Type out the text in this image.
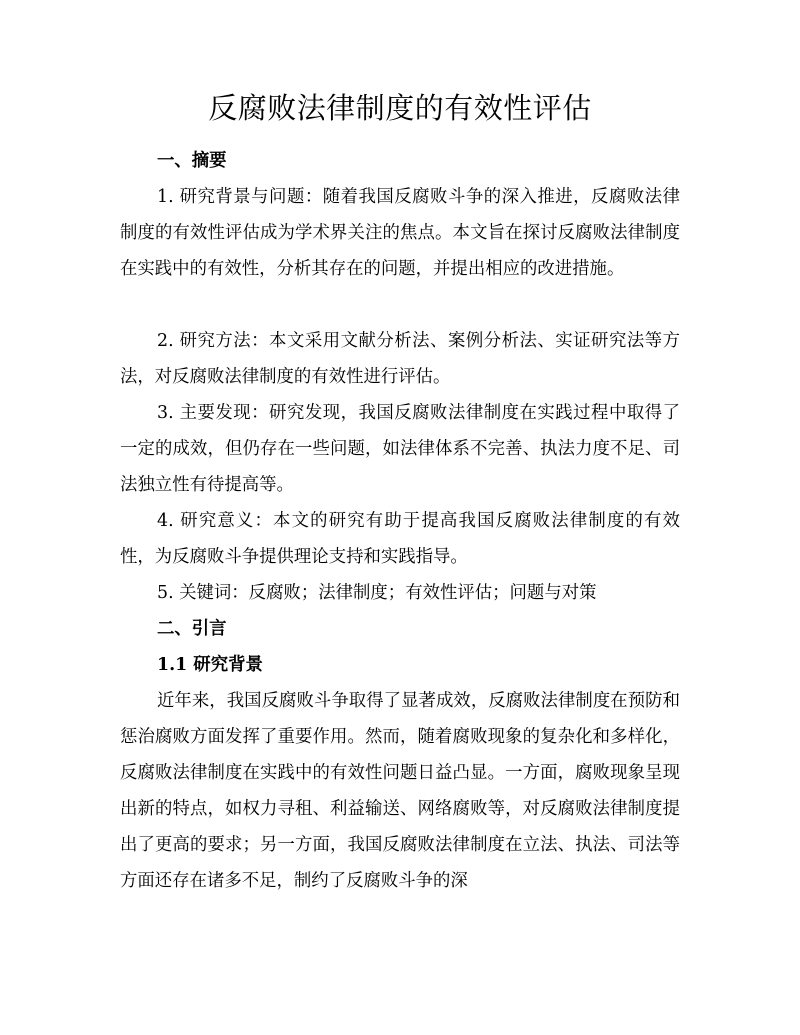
反腐败法律制度的有效性评估
一、摘要

1. 研究背景与问题：随着我国反腐败斗争的深入推进，反腐败法律制度的有效性评估成为学术界关注的焦点。本文旨在探讨反腐败法律制度在实践中的有效性，分析其存在的问题，并提出相应的改进措施。

2. 研究方法：本文采用文献分析法、案例分析法、实证研究法等方法，对反腐败法律制度的有效性进行评估。

3. 主要发现：研究发现，我国反腐败法律制度在实践过程中取得了一定的成效，但仍存在一些问题，如法律体系不完善、执法力度不足、司法独立性有待提高等。

4. 研究意义：本文的研究有助于提高我国反腐败法律制度的有效性，为反腐败斗争提供理论支持和实践指导。

5. 关键词：反腐败；法律制度；有效性评估；问题与对策

二、引言
1.1 研究背景

近年来，我国反腐败斗争取得了显著成效，反腐败法律制度在预防和惩治腐败方面发挥了重要作用。然而，随着腐败现象的复杂化和多样化，反腐败法律制度在实践中的有效性问题日益凸显。一方面，腐败现象呈现出新的特点，如权力寻租、利益输送、网络腐败等，对反腐败法律制度提出了更高的要求；另一方面，我国反腐败法律制度在立法、执法、司法等方面还存在诸多不足，制约了反腐败斗争的深
